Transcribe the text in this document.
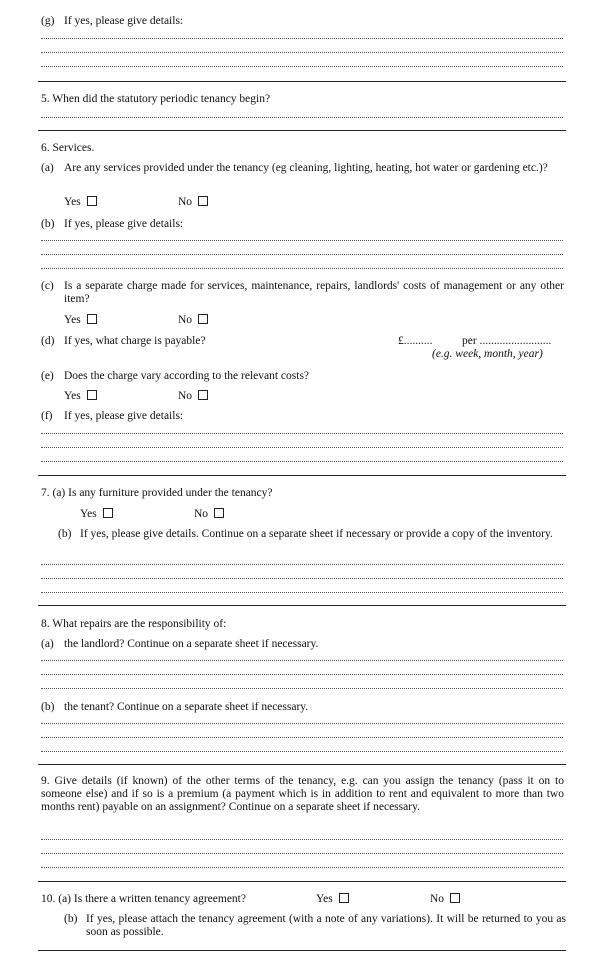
(g) If yes, please give details:
5. When did the statutory periodic tenancy begin?
6. Services.
(a) Are any services provided under the tenancy (eg cleaning, lighting, heating, hot water or gardening etc.)?
Yes	No
(b) If yes, please give details:
(c) Is a separate charge made for services, maintenance, repairs, landlords' costs of management or any other item?
Yes	No
(d) If yes, what charge is payable?	£..........	per .........................
(e.g. week, month, year)
(e) Does the charge vary according to the relevant costs?
Yes	No
(f) If yes, please give details:
7. (a) Is any furniture provided under the tenancy?
Yes	No
(b) If yes, please give details. Continue on a separate sheet if necessary or provide a copy of the inventory.
8. What repairs are the responsibility of:
(a) the landlord? Continue on a separate sheet if necessary.
(b) the tenant? Continue on a separate sheet if necessary.
9. Give details (if known) of the other terms of the tenancy, e.g. can you assign the tenancy (pass it on to someone else) and if so is a premium (a payment which is in addition to rent and equivalent to more than two months rent) payable on an assignment? Continue on a separate sheet if necessary.
10. (a) Is there a written tenancy agreement?	Yes	No
(b) If yes, please attach the tenancy agreement (with a note of any variations). It will be returned to you as soon as possible.
